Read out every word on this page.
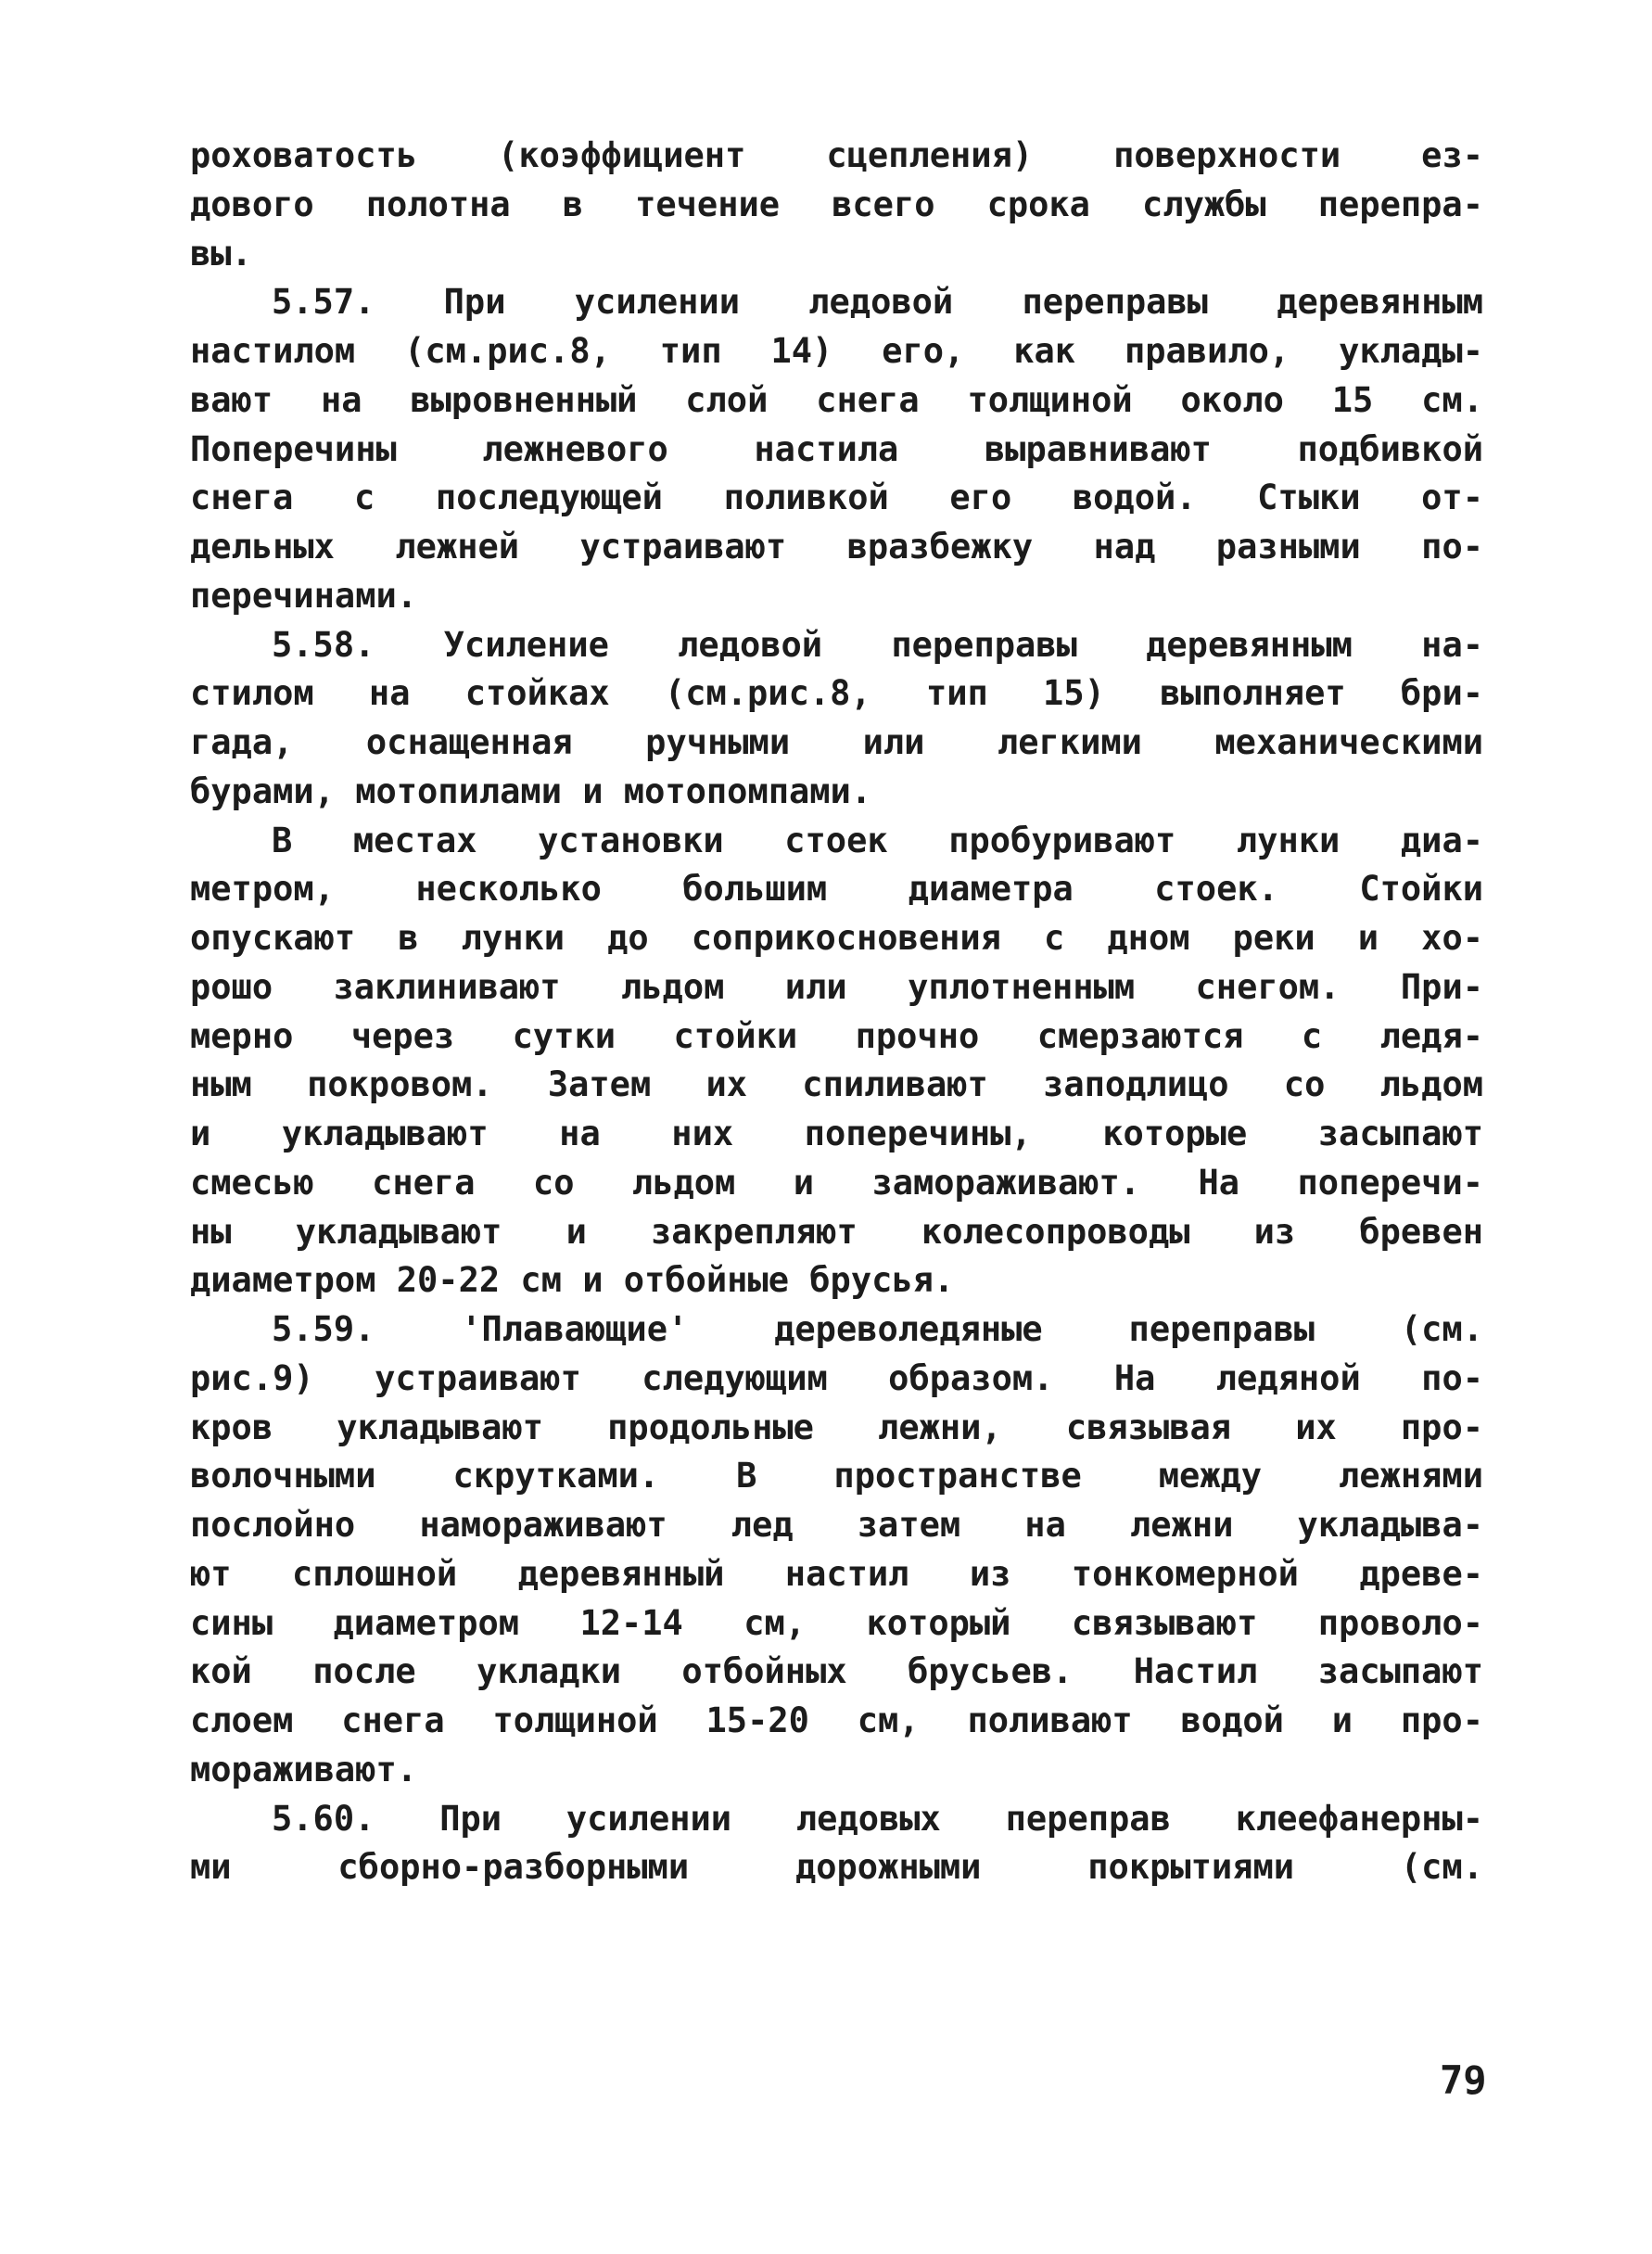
роховатость (коэффициент сцепления) поверхности ез-
дового полотна в течение всего срока службы перепра-
вы.
5.57. При усилении ледовой переправы деревянным
настилом (см.рис.8, тип 14) его, как правило, уклады-
вают на выровненный слой снега толщиной около 15 см.
Поперечины лежневого настила выравнивают подбивкой
снега с последующей поливкой его водой. Стыки от-
дельных лежней устраивают вразбежку над разными по-
перечинами.
5.58. Усиление ледовой переправы деревянным на-
стилом на стойках (см.рис.8, тип 15) выполняет бри-
гада, оснащенная ручными или легкими механическими
бурами, мотопилами и мотопомпами.
В местах установки стоек пробуривают лунки диа-
метром, несколько большим диаметра стоек. Стойки
опускают в лунки до соприкосновения с дном реки и хо-
рошо заклинивают льдом или уплотненным снегом. При-
мерно через сутки стойки прочно смерзаются с ледя-
ным покровом. Затем их спиливают заподлицо со льдом
и укладывают на них поперечины, которые засыпают
смесью снега со льдом и замораживают. На поперечи-
ны укладывают и закрепляют колесопроводы из бревен
диаметром 20-22 см и отбойные брусья.
5.59. 'Плавающие' дереволедяные переправы (см.
рис.9) устраивают следующим образом. На ледяной по-
кров укладывают продольные лежни, связывая их про-
волочными скрутками. В пространстве между лежнями
послойно намораживают лед затем на лежни укладыва-
ют сплошной деревянный настил из тонкомерной древе-
сины диаметром 12-14 см, который связывают проволо-
кой после укладки отбойных брусьев. Настил засыпают
слоем снега толщиной 15-20 см, поливают водой и про-
мораживают.
5.60. При усилении ледовых переправ клеефанерны-
ми сборно-разборными дорожными покрытиями (см.
79
